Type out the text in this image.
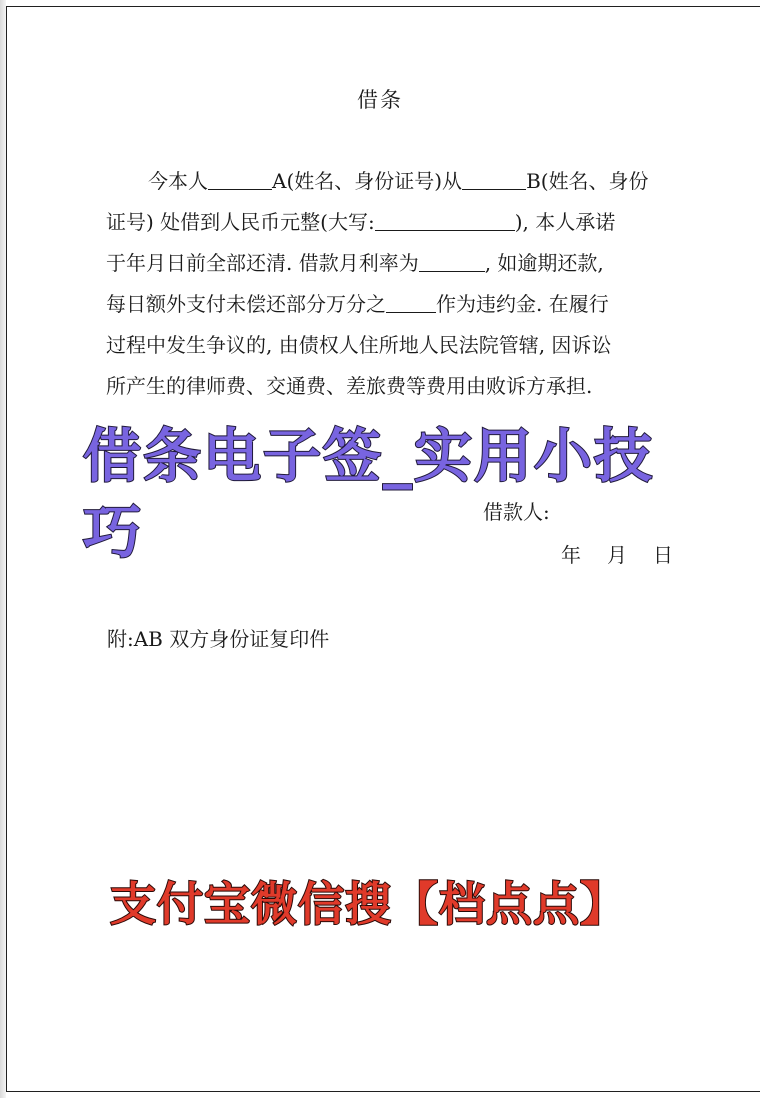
借条
今本人	A(姓名、身份证号)从	B(姓名、身份
证号) 处借到人民币元整(大写:	), 本人承诺
于年月日前全部还清. 借款月利率为	, 如逾期还款,
每日额外支付未偿还部分万分之	作为违约金. 在履行
过程中发生争议的, 由债权人住所地人民法院管辖, 因诉讼
所产生的律师费、交通费、差旅费等费用由败诉方承担.
借款人:
年 月 日
附:AB 双方身份证复印件
借条电子签_实用小技巧
支付宝微信搜【档点点】
